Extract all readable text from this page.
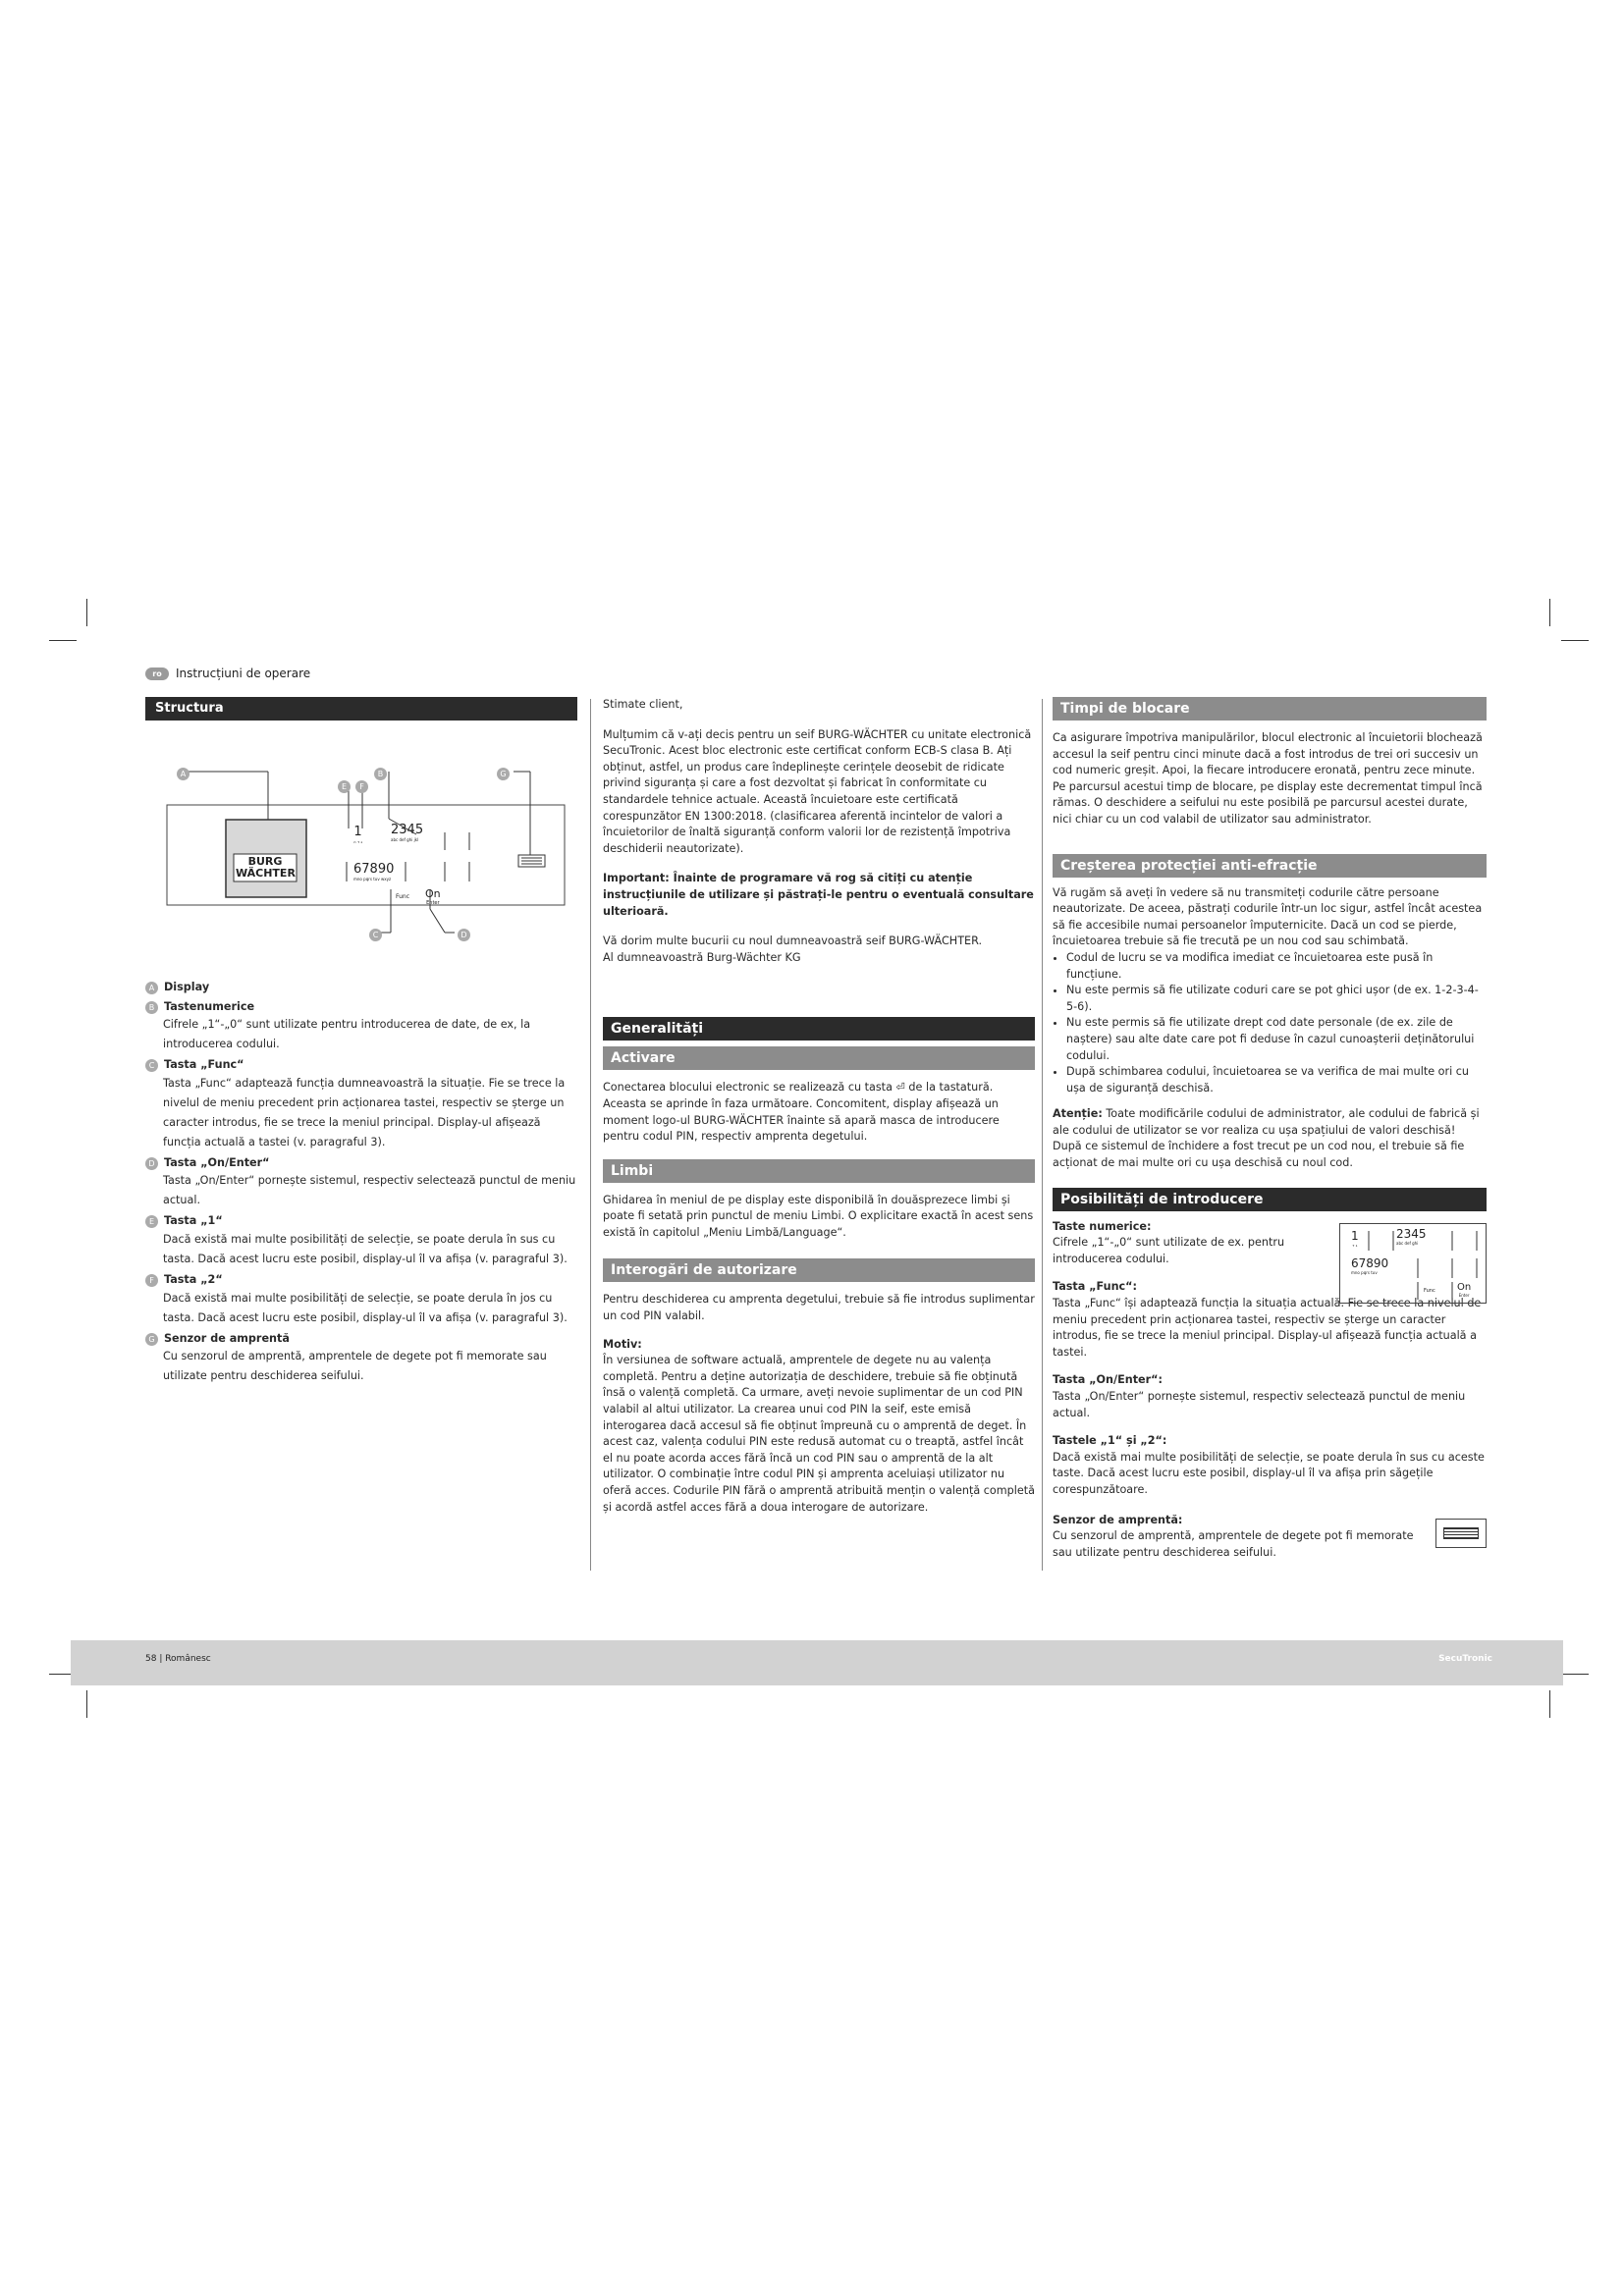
ro	Instrucțiuni de operare
Structura
A	B
E	F
G
C	D
BURG
WÄCHTER
1
ג ד ה
2345
abc def ghi jkl
67890
mno pqrs tuv wxyz
Func On
Enter
A Display
B Tastenumerice

Cifrele „1“-„0“ sunt utilizate pentru introducerea de date, de ex, la introducerea codului.

C Tasta „Func“

Tasta „Func“ adaptează funcția dumneavoastră la situație. Fie se trece la nivelul de meniu precedent prin acționarea tastei, respectiv se șterge un caracter introdus, fie se trece la meniul principal. Display-ul afișează funcția actuală a tastei (v. paragraful 3).

D Tasta „On/Enter“

Tasta „On/Enter“ pornește sistemul, respectiv selectează punctul de meniu actual.

E Tasta „1“

Dacă există mai multe posibilități de selecție, se poate derula în sus cu tasta. Dacă acest lucru este posibil, display-ul îl va afișa (v. paragraful 3).

F Tasta „2“

Dacă există mai multe posibilități de selecție, se poate derula în jos cu tasta. Dacă acest lucru este posibil, display-ul îl va afișa (v. paragraful 3).

G Senzor de amprentă

Cu senzorul de amprentă, amprentele de degete pot fi memorate sau utilizate pentru deschiderea seifului.

Stimate client,

Mulțumim că v-ați decis pentru un seif BURG-WÄCHTER cu unitate electronică SecuTronic. Acest bloc electronic este certificat conform ECB-S clasa B. Ați obținut, astfel, un produs care îndeplinește cerințele deosebit de ridicate privind siguranța și care a fost dezvoltat și fabricat în conformitate cu standardele tehnice actuale. Această încuietoare este certificată corespunzător EN 1300:2018. (clasificarea aferentă incintelor de valori a încuietorilor de înaltă siguranță conform valorii lor de rezistență împotriva deschiderii neautorizate).

Important: Înainte de programare vă rog să citiți cu atenție instrucțiunile de utilizare și păstrați-le pentru o eventuală consultare ulterioară.

Vă dorim multe bucurii cu noul dumneavoastră seif BURG-WÄCHTER.

Al dumneavoastră Burg-Wächter KG

Generalități
Activare

Conectarea blocului electronic se realizează cu tasta ⏎ de la tastatură. Aceasta se aprinde în faza următoare. Concomitent, display afișează un moment logo-ul BURG-WÄCHTER înainte să apară masca de introducere pentru codul PIN, respectiv amprenta degetului.

Limbi

Ghidarea în meniul de pe display este disponibilă în douăsprezece limbi și poate fi setată prin punctul de meniu Limbi. O explicitare exactă în acest sens există în capitolul „Meniu Limbă/Language“.

Interogări de autorizare

Pentru deschiderea cu amprenta degetului, trebuie să fie introdus suplimentar un cod PIN valabil.

Motiv:

În versiunea de software actuală, amprentele de degete nu au valența completă. Pentru a deține autorizația de deschidere, trebuie să fie obținută însă o valență completă. Ca urmare, aveți nevoie suplimentar de un cod PIN valabil al altui utilizator. La crearea unui cod PIN la seif, este emisă interogarea dacă accesul să fie obținut împreună cu o amprentă de deget. În acest caz, valența codului PIN este redusă automat cu o treaptă, astfel încât el nu poate acorda acces fără încă un cod PIN sau o amprentă de la alt utilizator. O combinație între codul PIN și amprenta aceluiași utilizator nu oferă acces. Codurile PIN fără o amprentă atribuită mențin o valență completă și acordă astfel acces fără a doua interogare de autorizare.

Timpi de blocare

Ca asigurare împotriva manipulărilor, blocul electronic al încuietorii blochează accesul la seif pentru cinci minute dacă a fost introdus de trei ori succesiv un cod numeric greșit. Apoi, la fiecare introducere eronată, pentru zece minute. Pe parcursul acestui timp de blocare, pe display este decrementat timpul încă rămas. O deschidere a seifului nu este posibilă pe parcursul acestei durate, nici chiar cu un cod valabil de utilizator sau administrator.

Creșterea protecției anti-efracție

Vă rugăm să aveți în vedere să nu transmiteți codurile către persoane neautorizate. De aceea, păstrați codurile într-un loc sigur, astfel încât acestea să fie accesibile numai persoanelor împuternicite. Dacă un cod se pierde, încuietoarea trebuie să fie trecută pe un nou cod sau schimbată.

• Codul de lucru se va modifica imediat ce încuietoarea este pusă în funcțiune.
• Nu este permis să fie utilizate coduri care se pot ghici ușor (de ex. 1-2-3-4-5-6).
• Nu este permis să fie utilizate drept cod date personale (de ex. zile de naștere) sau alte date care pot fi deduse în cazul cunoașterii deținătorului codului.
• După schimbarea codului, încuietoarea se va verifica de mai multe ori cu ușa de siguranță deschisă.

Atenție: Toate modificările codului de administrator, ale codului de fabrică și ale codului de utilizator se vor realiza cu ușa spațiului de valori deschisă! După ce sistemul de închidere a fost trecut pe un cod nou, el trebuie să fie acționat de mai multe ori cu ușa deschisă cu noul cod.

Posibilități de introducere
1
ג ד
2345
abc def ghi
67890
mno pqrs tuv
Func On
Enter

Taste numerice:

Cifrele „1“-„0“ sunt utilizate de ex. pentru introducerea codului.

Tasta „Func“:

Tasta „Func“ își adaptează funcția la situația actuală. Fie se trece la nivelul de meniu precedent prin acționarea tastei, respectiv se șterge un caracter introdus, fie se trece la meniul principal. Display-ul afișează funcția actuală a tastei.

Tasta „On/Enter“:

Tasta „On/Enter“ pornește sistemul, respectiv selectează punctul de meniu actual.

Tastele „1“ și „2“:

Dacă există mai multe posibilități de selecție, se poate derula în sus cu aceste taste. Dacă acest lucru este posibil, display-ul îl va afișa prin săgețile corespunzătoare.

Senzor de amprentă:

Cu senzorul de amprentă, amprentele de degete pot fi memorate sau utilizate pentru deschiderea seifului.

58 | Românesc	SecuTronic
